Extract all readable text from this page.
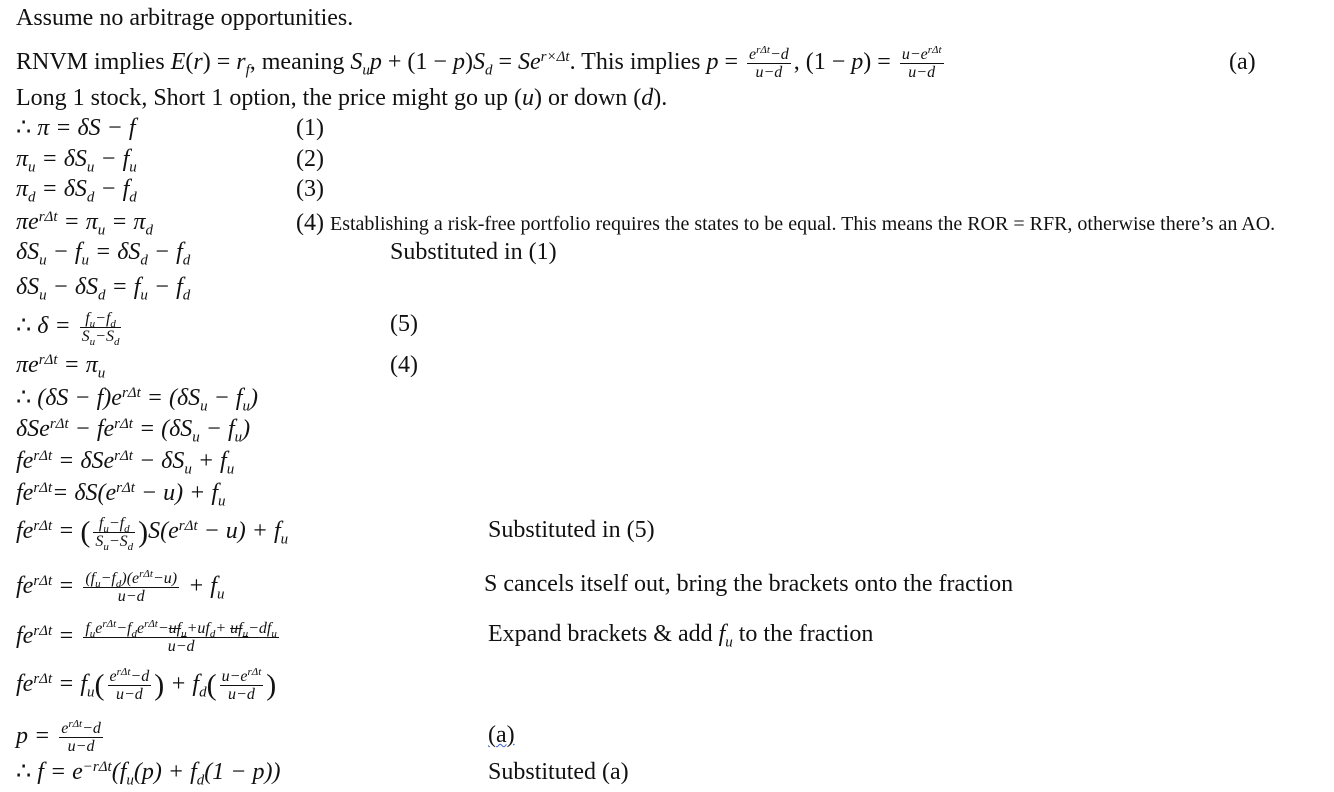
Assume no arbitrage opportunities.
RNVM implies $E(r) = r_f$, meaning $S_up + (1 - p)S_d = Se^{r\times\Delta t}$. This implies $p = \frac{e^{r\Delta t}-d}{u-d}$ , $(1 - p) = \frac{u-e^{r\Delta t}}{u-d}$	(a)
Long 1 stock, Short 1 option, the price might go up (u) or down (d).
∴ π = δS − f	(1)
$\pi_u = \delta S_u - f_u$	(2)
$\pi_d = \delta S_d - f_d$	(3)
$\pi e^{r\Delta t} = \pi_u = \pi_d$	(4) Establishing a risk-free portfolio requires the states to be equal. This means the ROR = RFR, otherwise there’s an AO.
$\delta S_u - f_u = \delta S_d - f_d$	Substituted in (1)
$\delta S_u - \delta S_d = f_u - f_d$
∴ $\delta = \frac{f_u-f_d}{S_u-S_d}$	(5)
$\pi e^{r\Delta t} = \pi_u$	(4)
∴ $(\delta S - f)e^{r\Delta t} = (\delta S_u - f_u)$
$\delta Se^{r\Delta t} - fe^{r\Delta t} = (\delta S_u - f_u)$
$fe^{r\Delta t} = \delta Se^{r\Delta t} - \delta S_u + f_u$
$fe^{r\Delta t}= \delta S(e^{r\Delta t} - u) + f_u$
$fe^{r\Delta t}$ = ( $\frac{f_u-f_d}{S_u-S_d} )S(e^{r\Delta t} - u) + f_u$	Substituted in (5)
$fe^{r\Delta t} = \frac{(f_u-f_d)(e^{r\Delta t}-u)}{u-d} + f_u$	S cancels itself out, bring the brackets onto the fraction
$fe^{r\Delta t} = \frac{f_ue^{r\Delta t}-f_de^{r\Delta t}-uf_u+uf_d+ uf_u-df_u}{u-d}$	Expand brackets & add $f_u$ to the fraction
$fe^{r\Delta t} = f_u( \frac{e^{r\Delta t}-d}{u-d}$ ) + $f_d( \frac{u-e^{r\Delta t}}{u-d}$ )
$p = \frac{e^{r\Delta t}-d}{u-d}$	(a)
∴ $f = e^{-r\Delta t}(f_u(p) + f_d(1 - p))$	Substituted (a)
